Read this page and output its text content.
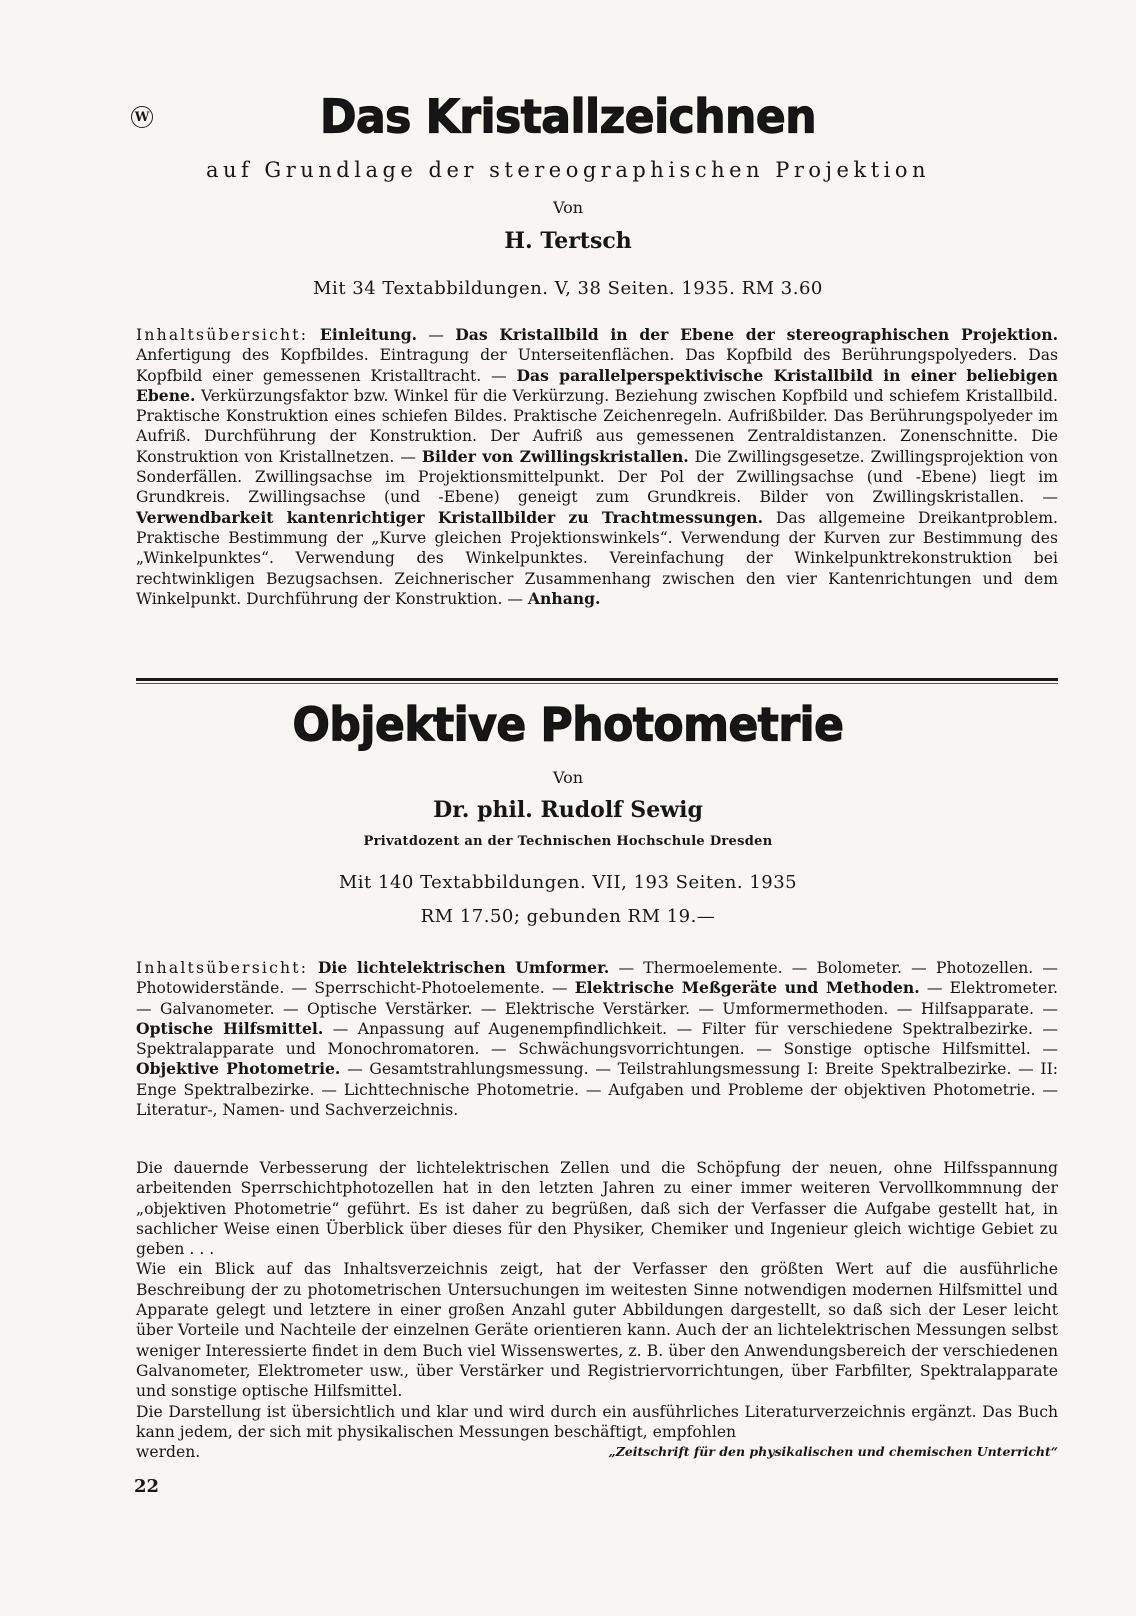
W	Das Kristallzeichnen
auf Grundlage der stereographischen Projektion
Von
H. Tertsch
Mit 34 Textabbildungen. V, 38 Seiten. 1935. RM 3.60
Inhaltsübersicht: Einleitung. — Das Kristallbild in der Ebene der stereographischen Projektion. Anfertigung des Kopfbildes. Eintragung der Unterseitenflächen. Das Kopfbild des Berührungspolyeders. Das Kopfbild einer gemessenen Kristalltracht. — Das parallelperspektivische Kristallbild in einer beliebigen Ebene. Verkürzungsfaktor bzw. Winkel für die Verkürzung. Beziehung zwischen Kopfbild und schiefem Kristallbild. Praktische Konstruktion eines schiefen Bildes. Praktische Zeichenregeln. Aufrißbilder. Das Berührungspolyeder im Aufriß. Durchführung der Konstruktion. Der Aufriß aus gemessenen Zentraldistanzen. Zonenschnitte. Die Konstruktion von Kristallnetzen. — Bilder von Zwillingskristallen. Die Zwillingsgesetze. Zwillingsprojektion von Sonderfällen. Zwillingsachse im Projektionsmittelpunkt. Der Pol der Zwillingsachse (und -Ebene) liegt im Grundkreis. Zwillingsachse (und -Ebene) geneigt zum Grundkreis. Bilder von Zwillingskristallen. — Verwendbarkeit kantenrichtiger Kristallbilder zu Trachtmessungen. Das allgemeine Dreikantproblem. Praktische Bestimmung der „Kurve gleichen Projektionswinkels“. Verwendung der Kurven zur Bestimmung des „Winkelpunktes“. Verwendung des Winkelpunktes. Vereinfachung der Winkelpunktrekonstruktion bei rechtwinkligen Bezugsachsen. Zeichnerischer Zusammenhang zwischen den vier Kantenrichtungen und dem Winkelpunkt. Durchführung der Konstruktion. — Anhang.
Objektive Photometrie
Von
Dr. phil. Rudolf Sewig
Privatdozent an der Technischen Hochschule Dresden
Mit 140 Textabbildungen. VII, 193 Seiten. 1935
RM 17.50; gebunden RM 19.—
Inhaltsübersicht: Die lichtelektrischen Umformer. — Thermoelemente. — Bolometer. — Photozellen. — Photowiderstände. — Sperrschicht-Photoelemente. — Elektrische Meßgeräte und Methoden. — Elektrometer. — Galvanometer. — Optische Verstärker. — Elektrische Verstärker. — Umformermethoden. — Hilfsapparate. — Optische Hilfsmittel. — Anpassung auf Augenempfindlichkeit. — Filter für verschiedene Spektralbezirke. — Spektralapparate und Monochromatoren. — Schwächungsvorrichtungen. — Sonstige optische Hilfsmittel. — Objektive Photometrie. — Gesamtstrahlungsmessung. — Teilstrahlungsmessung I: Breite Spektralbezirke. — II: Enge Spektralbezirke. — Lichttechnische Photometrie. — Aufgaben und Probleme der objektiven Photometrie. — Literatur-, Namen- und Sachverzeichnis.
Die dauernde Verbesserung der lichtelektrischen Zellen und die Schöpfung der neuen, ohne Hilfsspannung arbeitenden Sperrschichtphotozellen hat in den letzten Jahren zu einer immer weiteren Vervollkommnung der „objektiven Photometrie“ geführt. Es ist daher zu begrüßen, daß sich der Verfasser die Aufgabe gestellt hat, in sachlicher Weise einen Überblick über dieses für den Physiker, Chemiker und Ingenieur gleich wichtige Gebiet zu geben . . .
Wie ein Blick auf das Inhaltsverzeichnis zeigt, hat der Verfasser den größten Wert auf die ausführliche Beschreibung der zu photometrischen Untersuchungen im weitesten Sinne notwendigen modernen Hilfsmittel und Apparate gelegt und letztere in einer großen Anzahl guter Abbildungen dargestellt, so daß sich der Leser leicht über Vorteile und Nachteile der einzelnen Geräte orientieren kann. Auch der an lichtelektrischen Messungen selbst weniger Interessierte findet in dem Buch viel Wissenswertes, z. B. über den Anwendungsbereich der verschiedenen Galvanometer, Elektrometer usw., über Verstärker und Registriervorrichtungen, über Farbfilter, Spektralapparate und sonstige optische Hilfsmittel.
Die Darstellung ist übersichtlich und klar und wird durch ein ausführliches Literaturverzeichnis ergänzt. Das Buch kann jedem, der sich mit physikalischen Messungen beschäftigt, empfohlen
werden.	„Zeitschrift für den physikalischen und chemischen Unterricht“
22
